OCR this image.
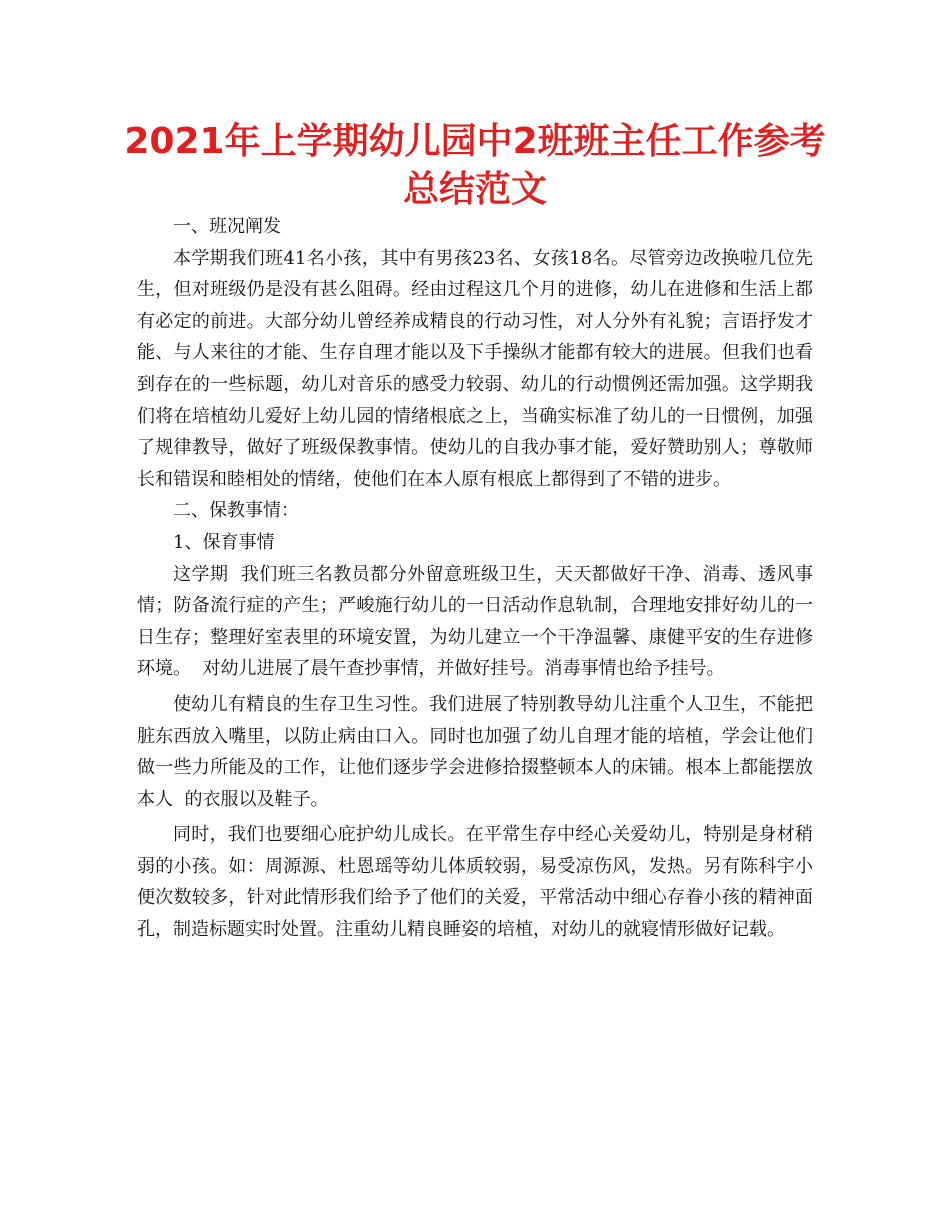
2021年上学期幼儿园中2班班主任工作参考总结范文

一、班况阐发

本学期我们班41名小孩，其中有男孩23名、女孩18名。尽管旁边改换啦几位先生，但对班级仍是没有甚么阻碍。经由过程这几个月的进修，幼儿在进修和生活上都有必定的前进。大部分幼儿曾经养成精良的行动习性，对人分外有礼貌；言语抒发才能、与人来往的才能、生存自理才能以及下手操纵才能都有较大的进展。但我们也看到存在的一些标题，幼儿对音乐的感受力较弱、幼儿的行动惯例还需加强。这学期我们将在培植幼儿爱好上幼儿园的情绪根底之上，当确实标准了幼儿的一日惯例，加强了规律教导，做好了班级保教事情。使幼儿的自我办事才能，爱好赞助别人；尊敬师长和错误和睦相处的情绪，使他们在本人原有根底上都得到了不错的进步。

二、保教事情：

1、保育事情

这学期  我们班三名教员都分外留意班级卫生，天天都做好干净、消毒、透风事情；防备流行症的产生；严峻施行幼儿的一日活动作息轨制，合理地安排好幼儿的一日生存；整理好室表里的环境安置，为幼儿建立一个干净温馨、康健平安的生存进修环境。  对幼儿进展了晨午查抄事情，并做好挂号。消毒事情也给予挂号。

使幼儿有精良的生存卫生习性。我们进展了特别教导幼儿注重个人卫生，不能把脏东西放入嘴里，以防止病由口入。同时也加强了幼儿自理才能的培植，学会让他们做一些力所能及的工作，让他们逐步学会进修拾掇整顿本人的床铺。根本上都能摆放本人  的衣服以及鞋子。

同时，我们也要细心庇护幼儿成长。在平常生存中经心关爱幼儿，特别是身材稍弱的小孩。如：周源源、杜恩瑶等幼儿体质较弱，易受凉伤风，发热。另有陈科宇小便次数较多，针对此情形我们给予了他们的关爱，平常活动中细心存眷小孩的精神面孔，制造标题实时处置。注重幼儿精良睡姿的培植，对幼儿的就寝情形做好记载。
